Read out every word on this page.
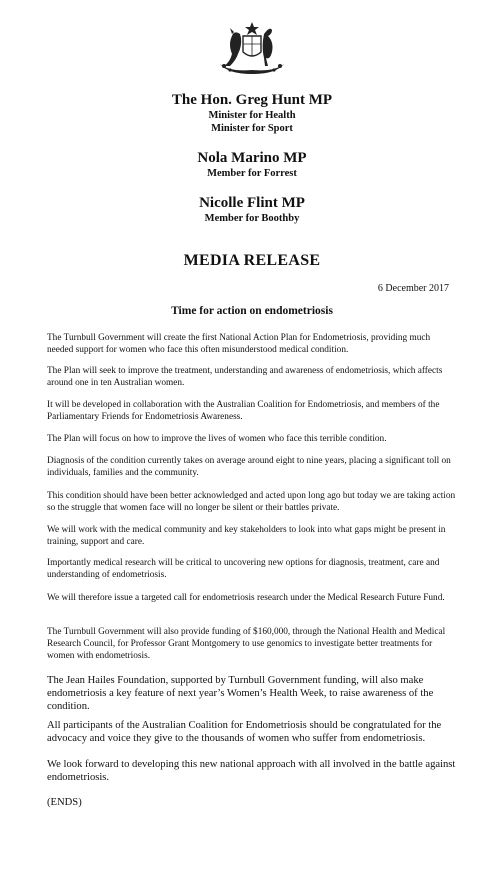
The Hon. Greg Hunt MP
Minister for Health
Minister for Sport
Nola Marino MP
Member for Forrest
Nicolle Flint MP
Member for Boothby
MEDIA RELEASE
6 December 2017
Time for action on endometriosis
The Turnbull Government will create the first National Action Plan for Endometriosis, providing much needed support for women who face this often misunderstood medical condition.
The Plan will seek to improve the treatment, understanding and awareness of endometriosis, which affects around one in ten Australian women.
It will be developed in collaboration with the Australian Coalition for Endometriosis, and members of the Parliamentary Friends for Endometriosis Awareness.
The Plan will focus on how to improve the lives of women who face this terrible condition.
Diagnosis of the condition currently takes on average around eight to nine years, placing a significant toll on individuals, families and the community.
This condition should have been better acknowledged and acted upon long ago but today we are taking action so the struggle that women face will no longer be silent or their battles private.
We will work with the medical community and key stakeholders to look into what gaps might be present in training, support and care.
Importantly medical research will be critical to uncovering new options for diagnosis, treatment, care and understanding of endometriosis.
We will therefore issue a targeted call for endometriosis research under the Medical Research Future Fund.
The Turnbull Government will also provide funding of $160,000, through the National Health and Medical Research Council, for Professor Grant Montgomery to use genomics to investigate better treatments for women with endometriosis.
The Jean Hailes Foundation, supported by Turnbull Government funding, will also make endometriosis a key feature of next year’s Women’s Health Week, to raise awareness of the condition.
All participants of the Australian Coalition for Endometriosis should be congratulated for the advocacy and voice they give to the thousands of women who suffer from endometriosis.
We look forward to developing this new national approach with all involved in the battle against endometriosis.
(ENDS)
